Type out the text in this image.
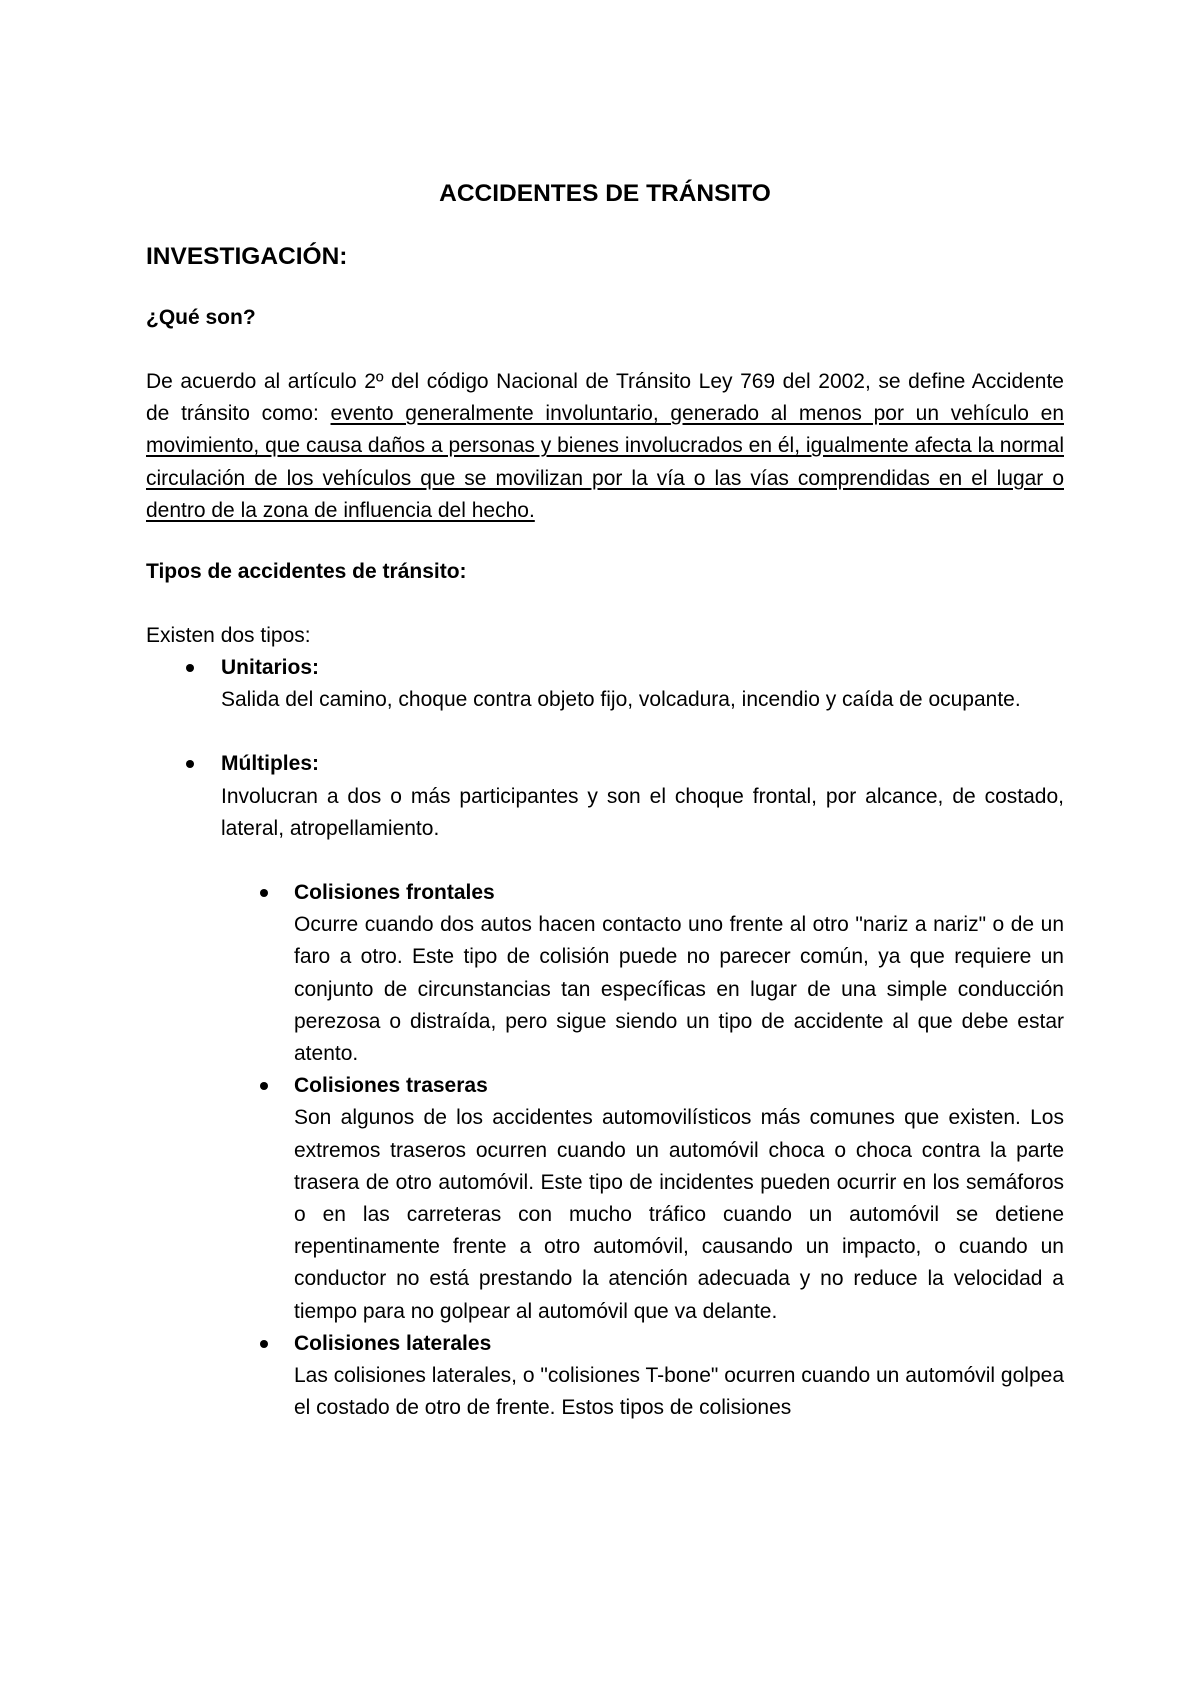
ACCIDENTES DE TRÁNSITO
INVESTIGACIÓN:
¿Qué son?

De acuerdo al artículo 2º del código Nacional de Tránsito Ley 769 del 2002, se define Accidente de tránsito como: evento generalmente involuntario, generado al menos por un vehículo en movimiento, que causa daños a personas y bienes involucrados en él, igualmente afecta la normal circulación de los vehículos que se movilizan por la vía o las vías comprendidas en el lugar o dentro de la zona de influencia del hecho.

Tipos de accidentes de tránsito:

Existen dos tipos:

Unitarios:
Salida del camino, choque contra objeto fijo, volcadura, incendio y caída de ocupante.
Múltiples:
Involucran a dos o más participantes y son el choque frontal, por alcance, de costado, lateral, atropellamiento.
Colisiones frontales
Ocurre cuando dos autos hacen contacto uno frente al otro "nariz a nariz" o de un faro a otro. Este tipo de colisión puede no parecer común, ya que requiere un conjunto de circunstancias tan específicas en lugar de una simple conducción perezosa o distraída, pero sigue siendo un tipo de accidente al que debe estar atento.
Colisiones traseras
Son algunos de los accidentes automovilísticos más comunes que existen. Los extremos traseros ocurren cuando un automóvil choca o choca contra la parte trasera de otro automóvil. Este tipo de incidentes pueden ocurrir en los semáforos o en las carreteras con mucho tráfico cuando un automóvil se detiene repentinamente frente a otro automóvil, causando un impacto, o cuando un conductor no está prestando la atención adecuada y no reduce la velocidad a tiempo para no golpear al automóvil que va delante.
Colisiones laterales
Las colisiones laterales, o "colisiones T-bone" ocurren cuando un automóvil golpea el costado de otro de frente. Estos tipos de colisiones
